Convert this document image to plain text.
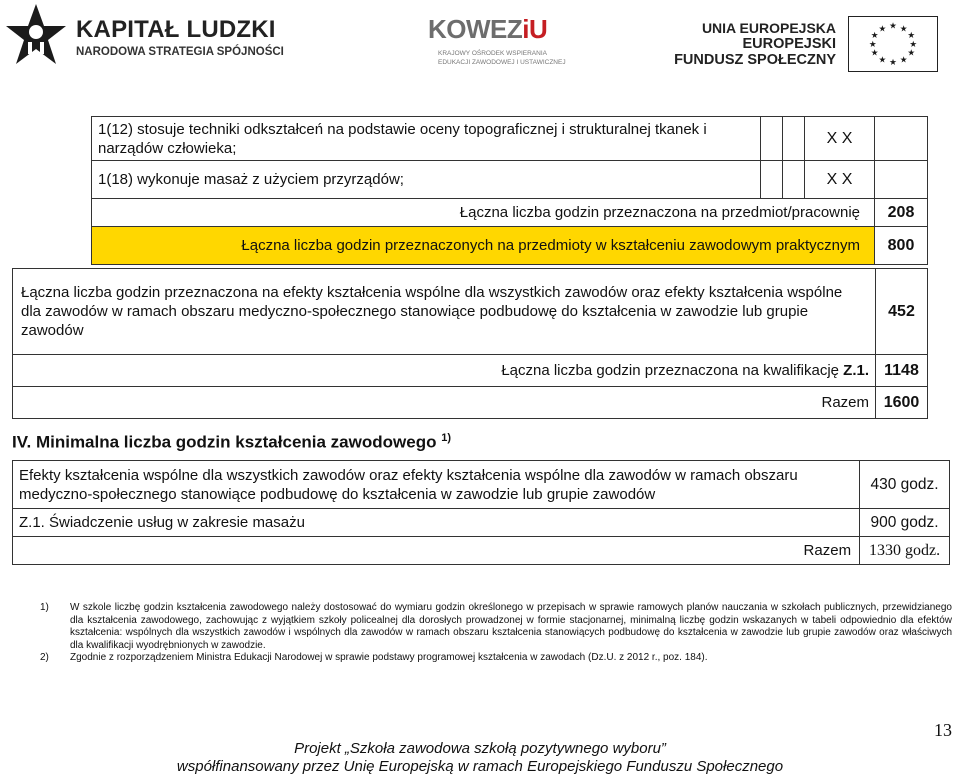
KAPITAŁ LUDZKI
NARODOWA STRATEGIA SPÓJNOŚCI
KOWEZiU
KRAJOWY OŚRODEK WSPIERANIA
EDUKACJI ZAWODOWEJ I USTAWICZNEJ
UNIA EUROPEJSKA
EUROPEJSKI
FUNDUSZ SPOŁECZNY
★ ★
★
★
★
★
★
★
★
★
★
★
1(12) stosuje techniki odkształceń na podstawie oceny topograficznej i strukturalnej tkanek i narządów człowieka;			X X	
1(18) wykonuje masaż z użyciem przyrządów;			X X	
Łączna liczba godzin przeznaczona na przedmiot/pracownię				208
Łączna liczba godzin przeznaczonych na przedmioty w kształceniu zawodowym praktycznym				800
Łączna liczba godzin przeznaczona na efekty kształcenia wspólne dla wszystkich zawodów oraz efekty kształcenia wspólne dla zawodów w ramach obszaru medyczno-społecznego stanowiące podbudowę do kształcenia w zawodzie lub grupie zawodów	452
Łączna liczba godzin przeznaczona na kwalifikację Z.1.	1148
Razem	1600
IV. Minimalna liczba godzin kształcenia zawodowego $^{1)}$
Efekty kształcenia wspólne dla wszystkich zawodów oraz efekty kształcenia wspólne dla zawodów w ramach obszaru medyczno-społecznego stanowiące podbudowę do kształcenia w zawodzie lub grupie zawodów	430 godz.
Z.1. Świadczenie usług w zakresie masażu	900 godz.
Razem	1330 godz.
1) W szkole liczbę godzin kształcenia zawodowego należy dostosować do wymiaru godzin określonego w przepisach w sprawie ramowych planów nauczania w szkołach publicznych, przewidzianego dla kształcenia zawodowego, zachowując z wyjątkiem szkoły policealnej dla dorosłych prowadzonej w formie stacjonarnej, minimalną liczbę godzin wskazanych w tabeli odpowiednio dla efektów kształcenia: wspólnych dla wszystkich zawodów i wspólnych dla zawodów w ramach obszaru kształcenia stanowiących podbudowę do kształcenia w zawodzie lub grupie zawodów oraz właściwych dla kwalifikacji wyodrębnionych w zawodzie.
2) Zgodnie z rozporządzeniem Ministra Edukacji Narodowej w sprawie podstawy programowej kształcenia w zawodach (Dz.U. z 2012 r., poz. 184).
13
Projekt „Szkoła zawodowa szkołą pozytywnego wyboru”
współfinansowany przez Unię Europejską w ramach Europejskiego Funduszu Społecznego
